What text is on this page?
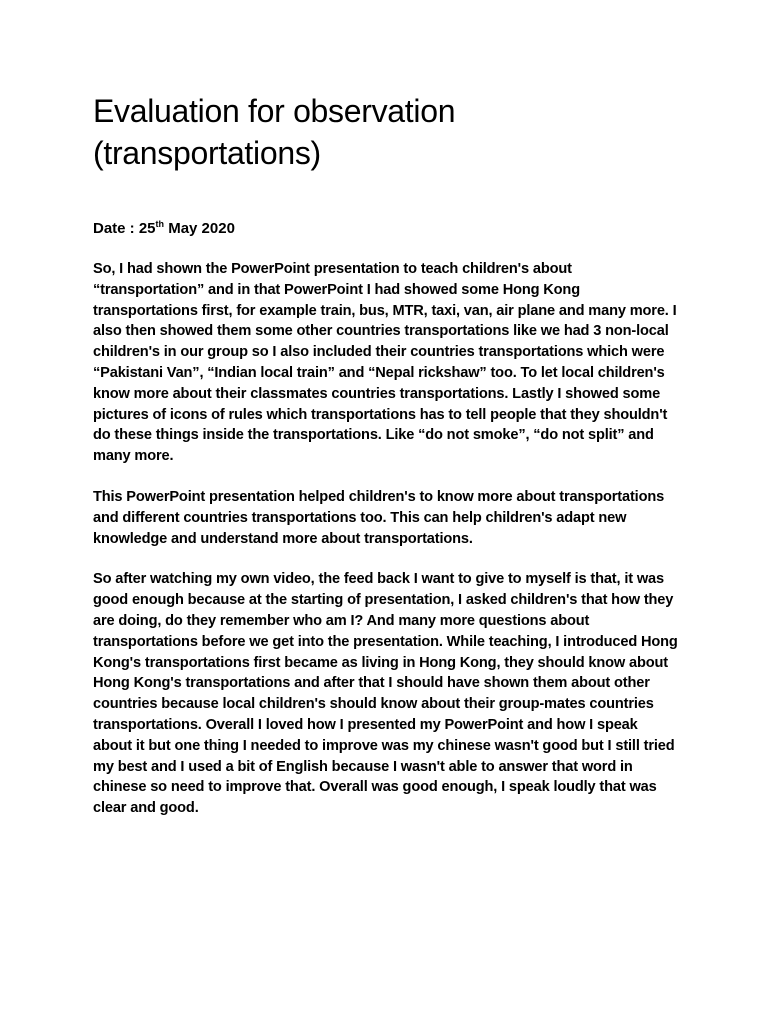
Evaluation for observation
(transportations)

Date : 25th May 2020

So, I had shown the PowerPoint presentation to teach children's about “transportation” and in that PowerPoint I had showed some Hong Kong transportations first, for example train, bus, MTR, taxi, van, air plane and many more. I also then showed them some other countries transportations like we had 3 non-local children's in our group so I also included their countries transportations which were “Pakistani Van”, “Indian local train” and “Nepal rickshaw” too. To let local children's know more about their classmates countries transportations. Lastly I showed some pictures of icons of rules which transportations has to tell people that they shouldn't do these things inside the transportations. Like “do not smoke”, “do not split” and many more.

This PowerPoint presentation helped children's to know more about transportations and different countries transportations too. This can help children's adapt new knowledge and understand more about transportations.

So after watching my own video, the feed back I want to give to myself is that, it was good enough because at the starting of presentation, I asked children's that how they are doing, do they remember who am I? And many more questions about transportations before we get into the presentation. While teaching, I introduced Hong Kong's transportations first became as living in Hong Kong, they should know about Hong Kong's transportations and after that I should have shown them about other countries because local children's should know about their group-mates countries transportations. Overall I loved how I presented my PowerPoint and how I speak about it but one thing I needed to improve was my chinese wasn't good but I still tried my best and I used a bit of English because I wasn't able to answer that word in chinese so need to improve that. Overall was good enough, I speak loudly that was clear and good.
